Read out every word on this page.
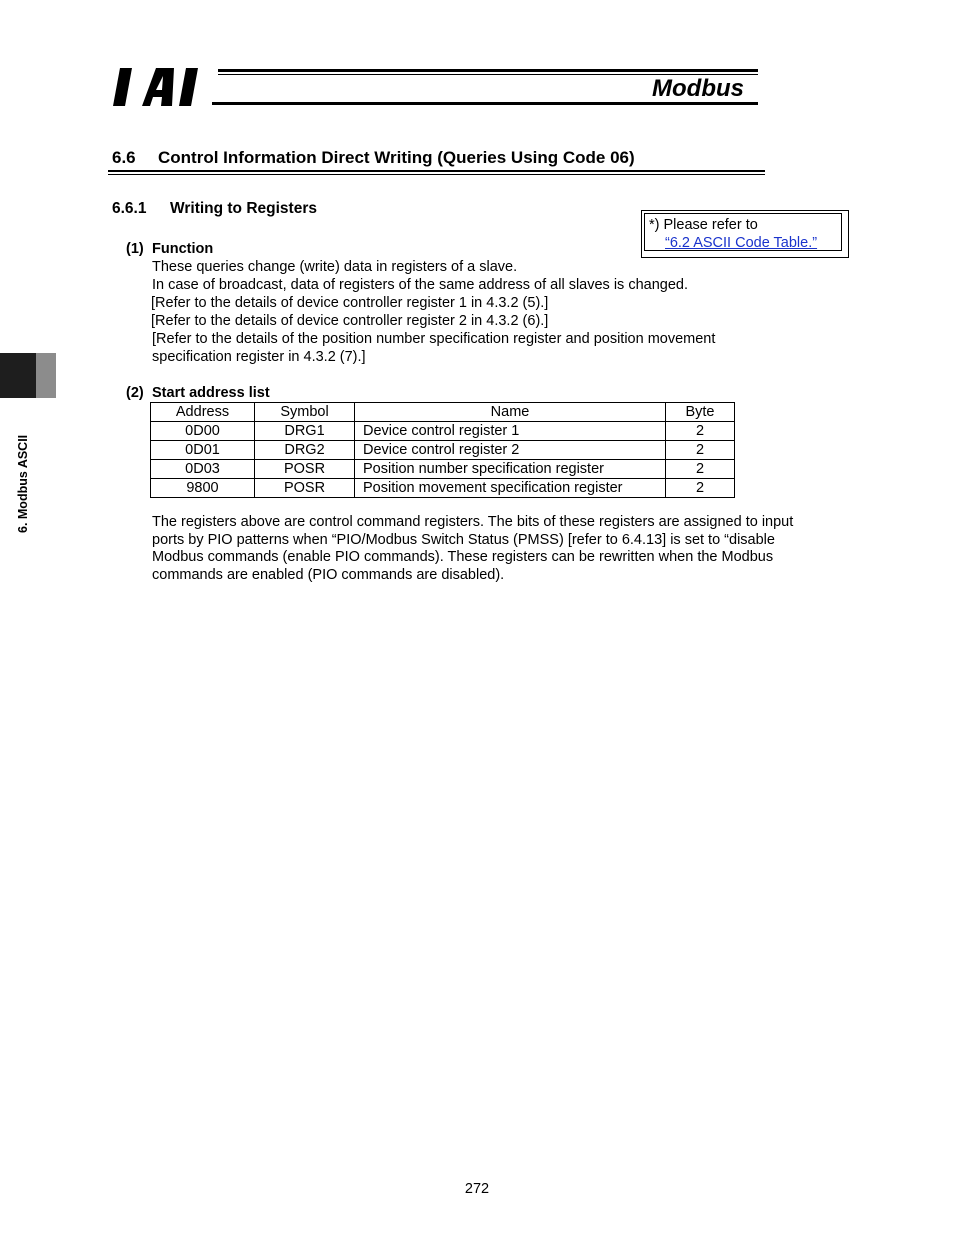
Modbus
6.6 Control Information Direct Writing (Queries Using Code 06)
6.6.1 Writing to Registers
*) Please refer to
“6.2 ASCII Code Table.”
(1) Function
These queries change (write) data in registers of a slave.
In case of broadcast, data of registers of the same address of all slaves is changed.
[Refer to the details of device controller register 1 in 4.3.2 (5).]
[Refer to the details of device controller register 2 in 4.3.2 (6).]
[Refer to the details of the position number specification register and position movement
specification register in 4.3.2 (7).]
(2) Start address list
Address	Symbol	Name	Byte
0D00	DRG1	Device control register 1	2
0D01	DRG2	Device control register 2	2
0D03	POSR	Position number specification register	2
9800	POSR	Position movement specification register	2
The registers above are control command registers. The bits of these registers are assigned to input
ports by PIO patterns when “PIO/Modbus Switch Status (PMSS) [refer to 6.4.13] is set to “disable
Modbus commands (enable PIO commands). These registers can be rewritten when the Modbus
commands are enabled (PIO commands are disabled).
6. Modbus ASCII
272
